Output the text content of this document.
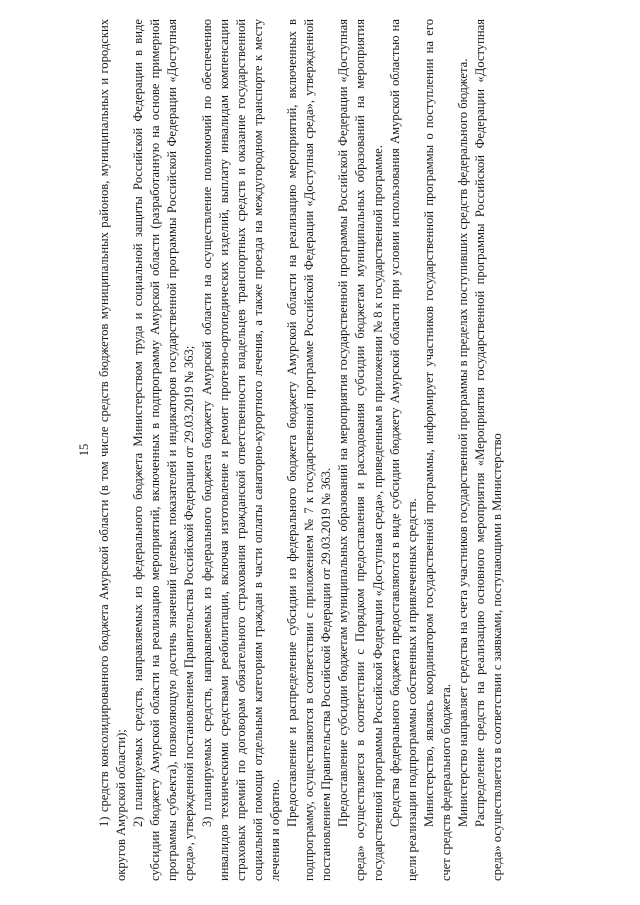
15 1) средств консолидированного бюджета Амурской области (в том числе средств бюджетов муниципальных районов, муниципальных и городских округов Амурской области); 2) планируемых средств, направляемых из федерального бюджета Министерством труда и социальной защиты Российской Федерации в виде субсидии бюджету Амурской области на реализацию мероприятий, включенных в подпрограмму Амурской области (разработанную на основе примерной программы субъекта), позволяющую достичь значений целевых показателей и индикаторов государственной программы Российской Федерации «Доступная среда», утвержденной постановлением Правительства Российской Федерации от 29.03.2019 № 363; 3) планируемых средств, направляемых из федерального бюджета бюджету Амурской области на осуществление полномочий по обеспечению инвалидов техническими средствами реабилитации, включая изготовление и ремонт протезно-ортопедических изделий, выплату инвалидам компенсации страховых премий по договорам обязательного страхования гражданской ответственности владельцев транспортных средств и оказание государственной социальной помощи отдельным категориям граждан в части оплаты санаторно-курортного лечения, а также проезда на междугородном транспорте к месту лечения и обратно.

Предоставление и распределение субсидии из федерального бюджета бюджету Амурской области на реализацию мероприятий, включенных в подпрограмму, осуществляются в соответствии с приложением № 7 к государственной программе Российской Федерации «Доступная среда», утвержденной постановлением Правительства Российской Федерации от 29.03.2019 № 363. Предоставление субсидии бюджетам муниципальных образований на мероприятия государственной программы Российской Федерации «Доступная среда» осуществляется в соответствии с Порядком предоставления и расходования субсидии бюджетам муниципальных образований на мероприятия государственной программы Российской Федерации «Доступная среда», приведенным в приложении № 8 к государственной программе. Средства федерального бюджета предоставляются в виде субсидии бюджету Амурской области при условии использования Амурской областью на цели реализации подпрограммы собственных и привлеченных средств. Министерство, являясь координатором государственной программы, информирует участников государственной программы о поступлении на его счет средств федерального бюджета. Министерство направляет средства на счета участников государственной программы в пределах поступивших средств федерального бюджета. Распределение средств на реализацию основного мероприятия «Мероприятия государственной программы Российской Федерации «Доступная среда» осуществляется в соответствии с заявками, поступающими в Министерство
